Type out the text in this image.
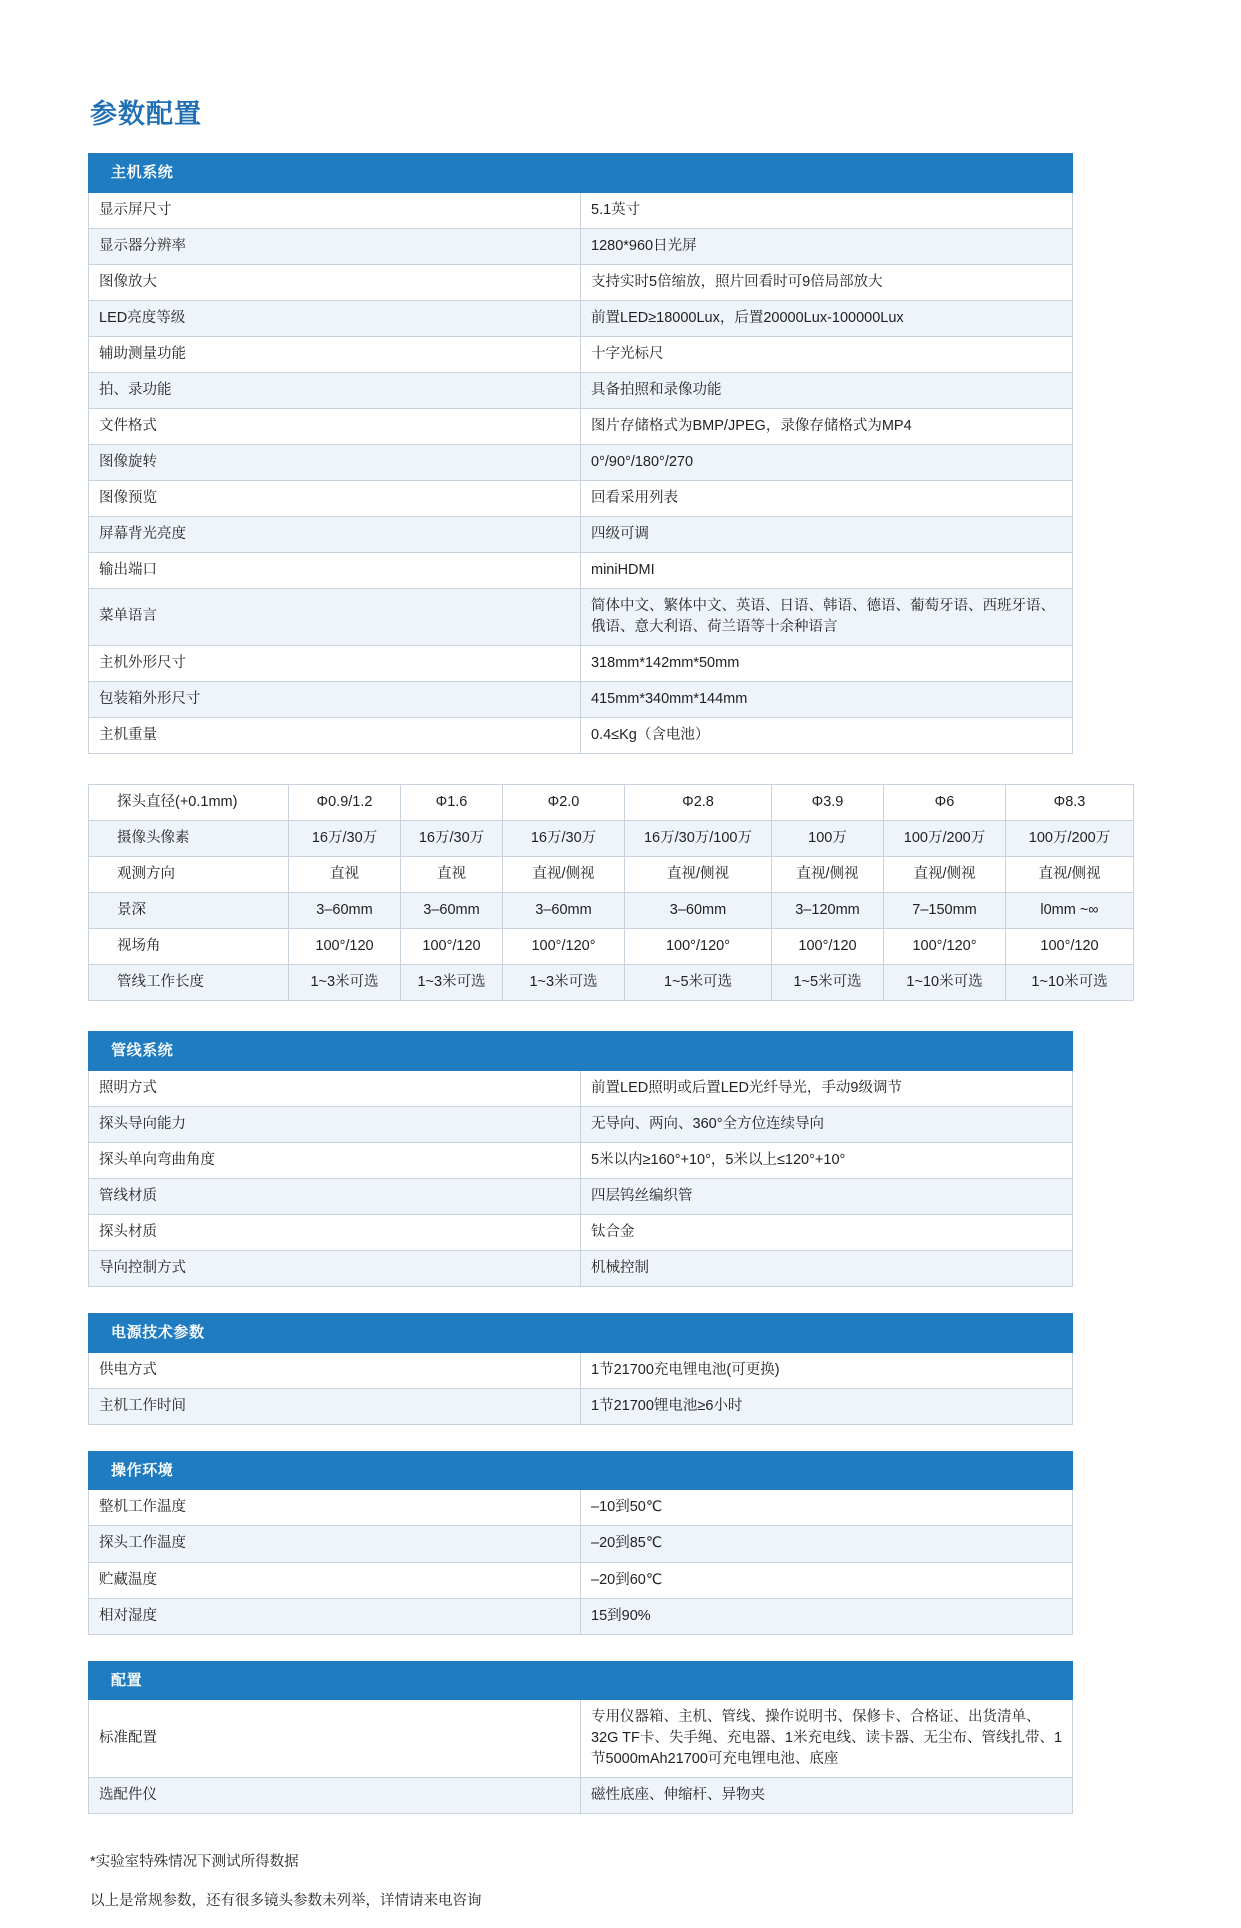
参数配置
主机系统	
显示屏尺寸	5.1英寸
显示器分辨率	1280*960日光屏
图像放大	支持实时5倍缩放，照片回看时可9倍局部放大
LED亮度等级	前置LED≥18000Lux，后置20000Lux-100000Lux
辅助测量功能	十字光标尺
拍、录功能	具备拍照和录像功能
文件格式	图片存储格式为BMP/JPEG，录像存储格式为MP4
图像旋转	0°/90°/180°/270
图像预览	回看采用列表
屏幕背光亮度	四级可调
输出端口	miniHDMI
菜单语言	简体中文、繁体中文、英语、日语、韩语、德语、葡萄牙语、西班牙语、俄语、意大利语、荷兰语等十余种语言
主机外形尺寸	318mm*142mm*50mm
包装箱外形尺寸	415mm*340mm*144mm
主机重量	0.4≤Kg（含电池）
探头直径(+0.1mm)	Φ0.9/1.2	Φ1.6	Φ2.0	Φ2.8	Φ3.9	Φ6	Φ8.3
摄像头像素	16万/30万	16万/30万	16万/30万	16万/30万/100万	100万	100万/200万	100万/200万
观测方向	直视	直视	直视/侧视	直视/侧视	直视/侧视	直视/侧视	直视/侧视
景深	3–60mm	3–60mm	3–60mm	3–60mm	3–120mm	7–150mm	l0mm ~∞
视场角	100°/120	100°/120	100°/120°	100°/120°	100°/120	100°/120°	100°/120
管线工作长度	1~3米可选	1~3米可选	1~3米可选	1~5米可选	1~5米可选	1~10米可选	1~10米可选
管线系统	
照明方式	前置LED照明或后置LED光纤导光，手动9级调节
探头导向能力	无导向、两向、360°全方位连续导向
探头单向弯曲角度	5米以内≥160°+10°，5米以上≤120°+10°
管线材质	四层钨丝编织管
探头材质	钛合金
导向控制方式	机械控制
电源技术参数	
供电方式	1节21700充电锂电池(可更换)
主机工作时间	1节21700锂电池≥6小时
操作环境	
整机工作温度	–10到50℃
探头工作温度	–20到85℃
贮藏温度	–20到60℃
相对湿度	15到90%
配置	
标准配置	专用仪器箱、主机、管线、操作说明书、保修卡、合格证、出货清单、32G TF卡、失手绳、充电器、1米充电线、读卡器、无尘布、管线扎带、1节5000mAh21700可充电锂电池、底座
选配件仪	磁性底座、伸缩杆、异物夹

*实验室特殊情况下测试所得数据

以上是常规参数，还有很多镜头参数未列举，详情请来电咨询
